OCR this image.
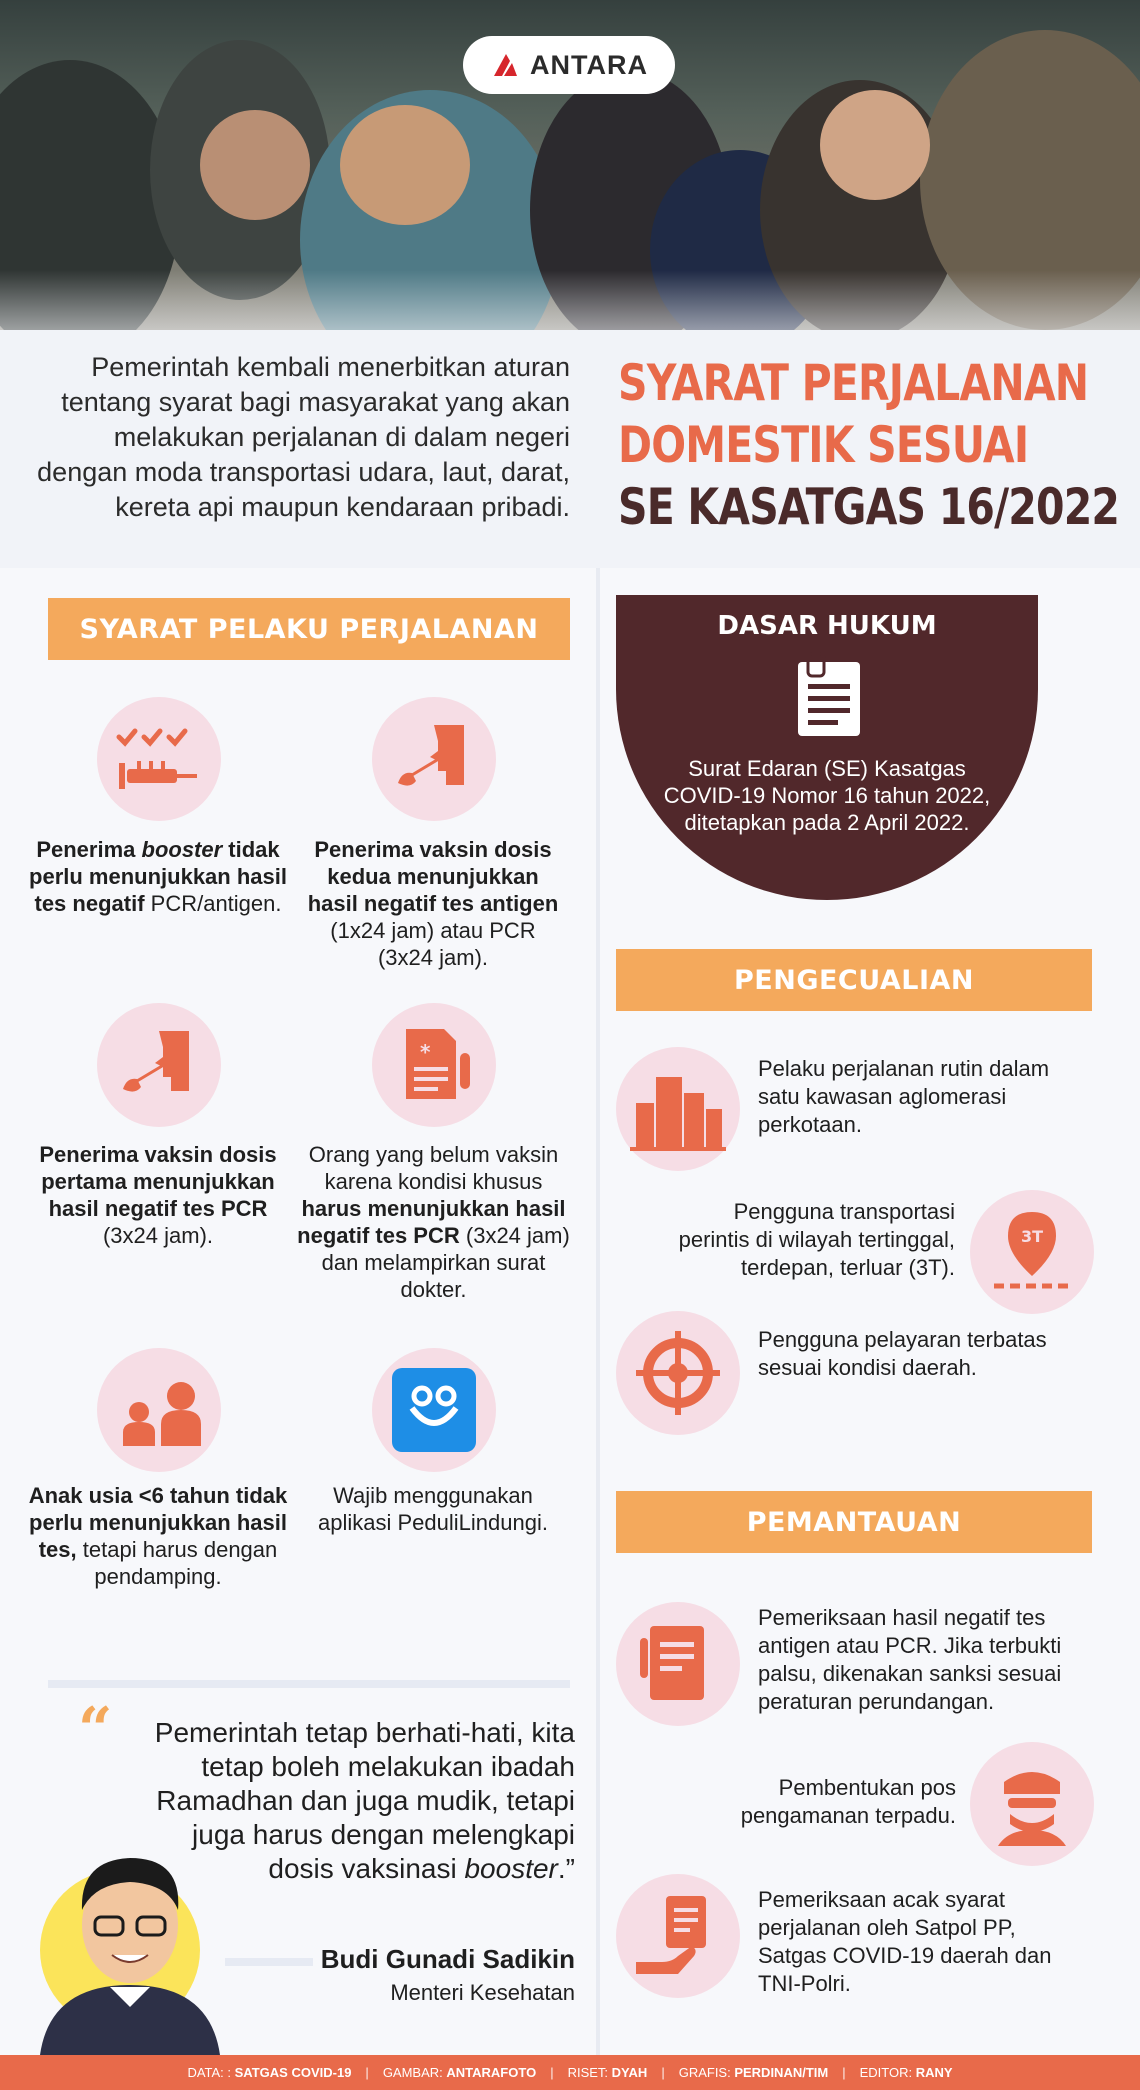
ANTARA

Pemerintah kembali menerbitkan aturan tentang syarat bagi masyarakat yang akan melakukan perjalanan di dalam negeri dengan moda transportasi udara, laut, darat, kereta api maupun kendaraan pribadi.

SYARAT PERJALANAN
DOMESTIK SESUAI
SE KASATGAS 16/2022
SYARAT PELAKU PERJALANAN

Penerima booster tidak perlu menunjukkan hasil tes negatif PCR/antigen.

Penerima vaksin dosis kedua menunjukkan hasil negatif tes antigen (1x24 jam) atau PCR (3x24 jam).

Penerima vaksin dosis pertama menunjukkan hasil negatif tes PCR (3x24 jam).

*

Orang yang belum vaksin karena kondisi khusus harus menunjukkan hasil negatif tes PCR (3x24 jam) dan melampirkan surat dokter.

Anak usia <6 tahun tidak perlu menunjukkan hasil tes, tetapi harus dengan pendamping.

Wajib menggunakan aplikasi PeduliLindungi.

“	Pemerintah tetap berhati-hati, kita tetap boleh melakukan ibadah Ramadhan dan juga mudik, tetapi juga harus dengan melengkapi dosis vaksinasi booster.”

Budi Gunadi Sadikin
Menteri Kesehatan
DASAR HUKUM
Surat Edaran (SE) Kasatgas COVID-19 Nomor 16 tahun 2022, ditetapkan pada 2 April 2022.
PENGECUALIAN

Pelaku perjalanan rutin dalam satu kawasan aglomerasi perkotaan.

Pengguna transportasi perintis di wilayah tertinggal, terdepan, terluar (3T).

3T

Pengguna pelayaran terbatas sesuai kondisi daerah.

PEMANTAUAN

Pemeriksaan hasil negatif tes antigen atau PCR. Jika terbukti palsu, dikenakan sanksi sesuai peraturan perundangan.

Pembentukan pos pengamanan terpadu.

Pemeriksaan acak syarat perjalanan oleh Satpol PP, Satgas COVID-19 daerah dan TNI-Polri.

DATA: : SATGAS COVID-19 | GAMBAR: ANTARAFOTO | RISET: DYAH | GRAFIS: PERDINAN/TIM | EDITOR: RANY
